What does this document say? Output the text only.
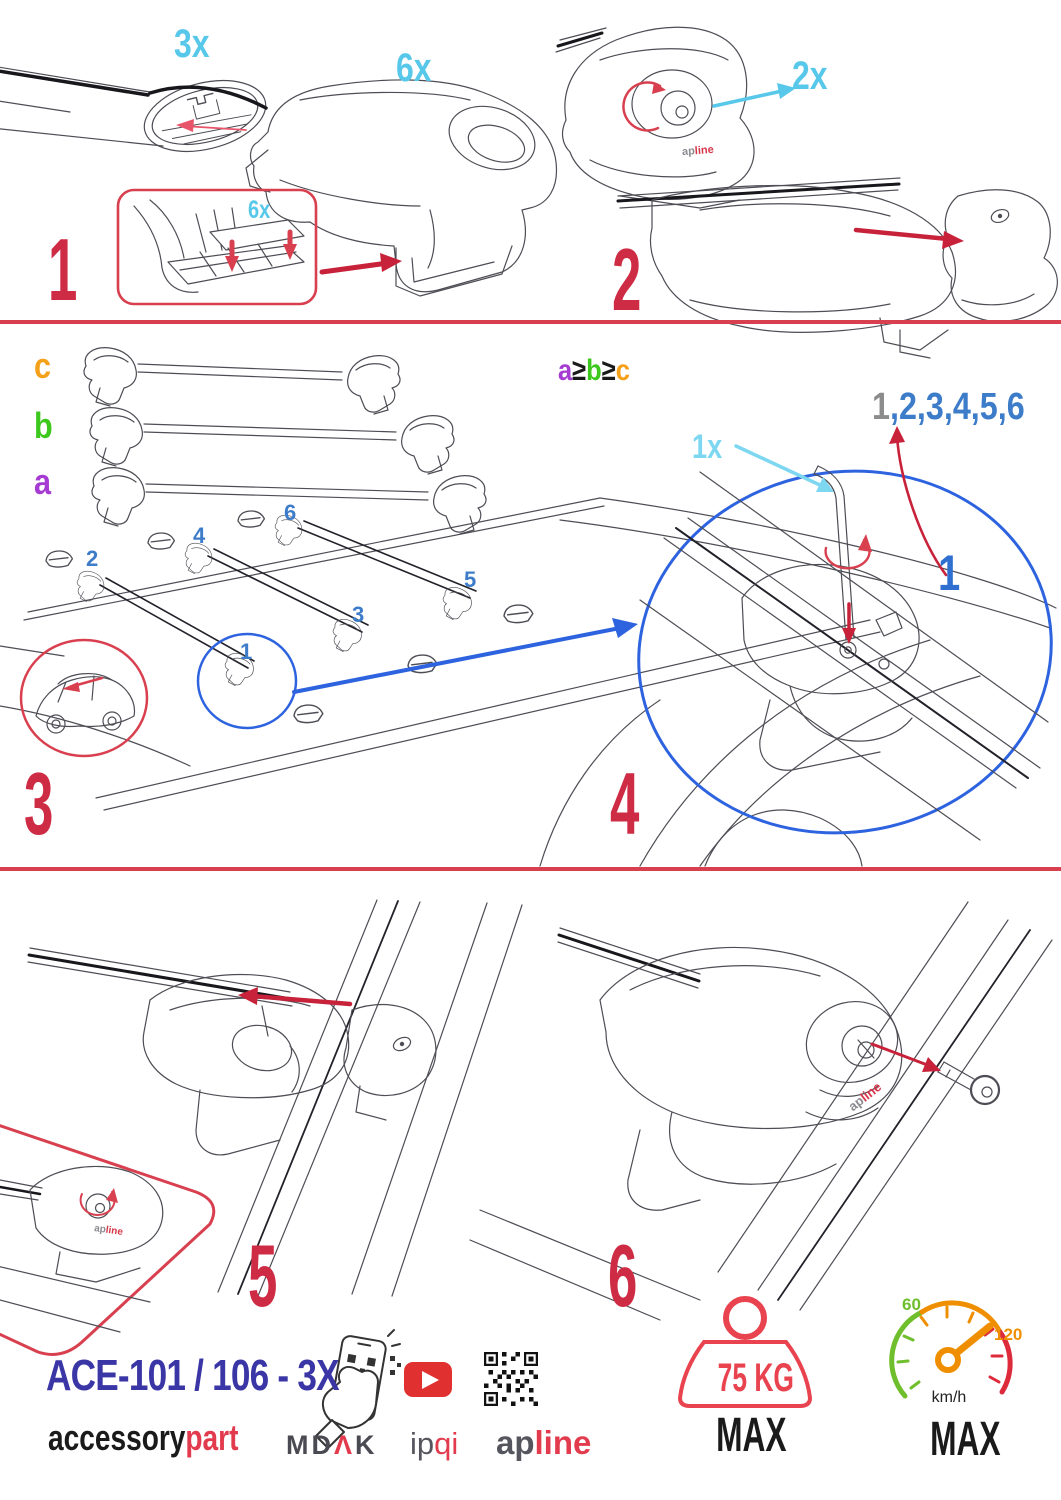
3x
6x
6x
2x
1x
1	2
3	4
5	6
c
b
a
a≥b≥c
1,2,3,4,5,6
1
2
4
6
1
3
5
apline
apline
apline
ACE-101 / 106 - 3X
accessorypart MDΛK ipqi apline
75 KG
MAX
60
120
km/h
MAX
